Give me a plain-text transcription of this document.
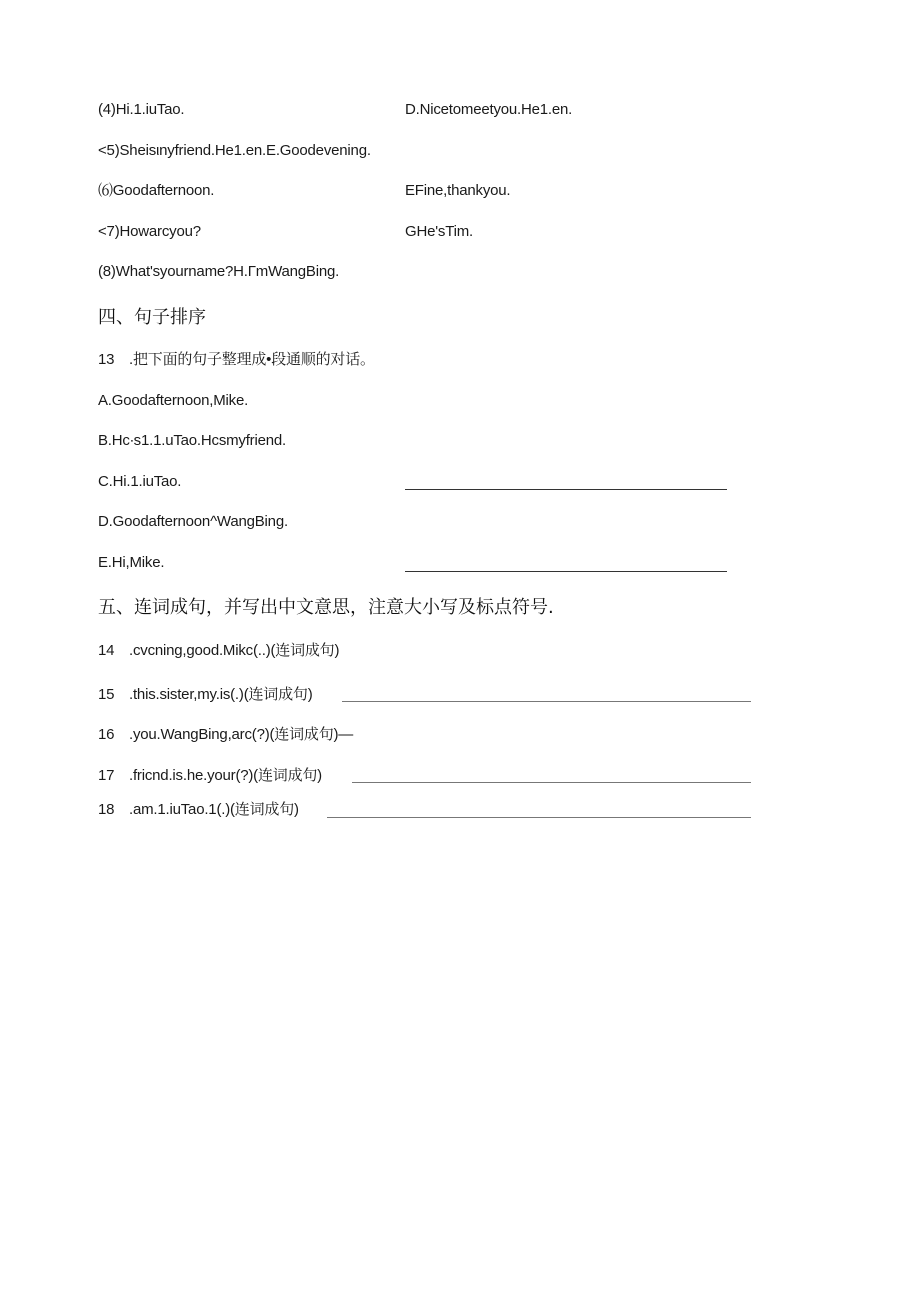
(4)Hi.1.iuTao.	D.Nicetomeetyou.He1.en.
<5)Sheisιnyfriend.He1.en.E.Goodevening.
⑹Goodafternoon.	EFine,thankyou.
<7)Howarcyou?	GHe'sTim.
(8)What'syourname?H.ΓmWangBing.
四、句子排序
13 .把下面的句子整理成•段通顺的对话。
A.Goodafternoon,Mike.
B.Hc∙s1.1.uTao.Hcsmyfriend.
C.Hi.1.iuTao.
D.Goodafternoon^WangBing.
E.Hi,Mike.
五、连词成句，并写出中文意思，注意大小写及标点符号.
14 .cvcning,good.Mikc(..)(连词成句)
15 .this.sister,my.is(.)(连词成句)
16 .you.WangBing,arc(?)(连词成句)—
17 .fricnd.is.he.your(?)(连词成句)
18 .am.1.iuTao.1(.)(连词成句)
